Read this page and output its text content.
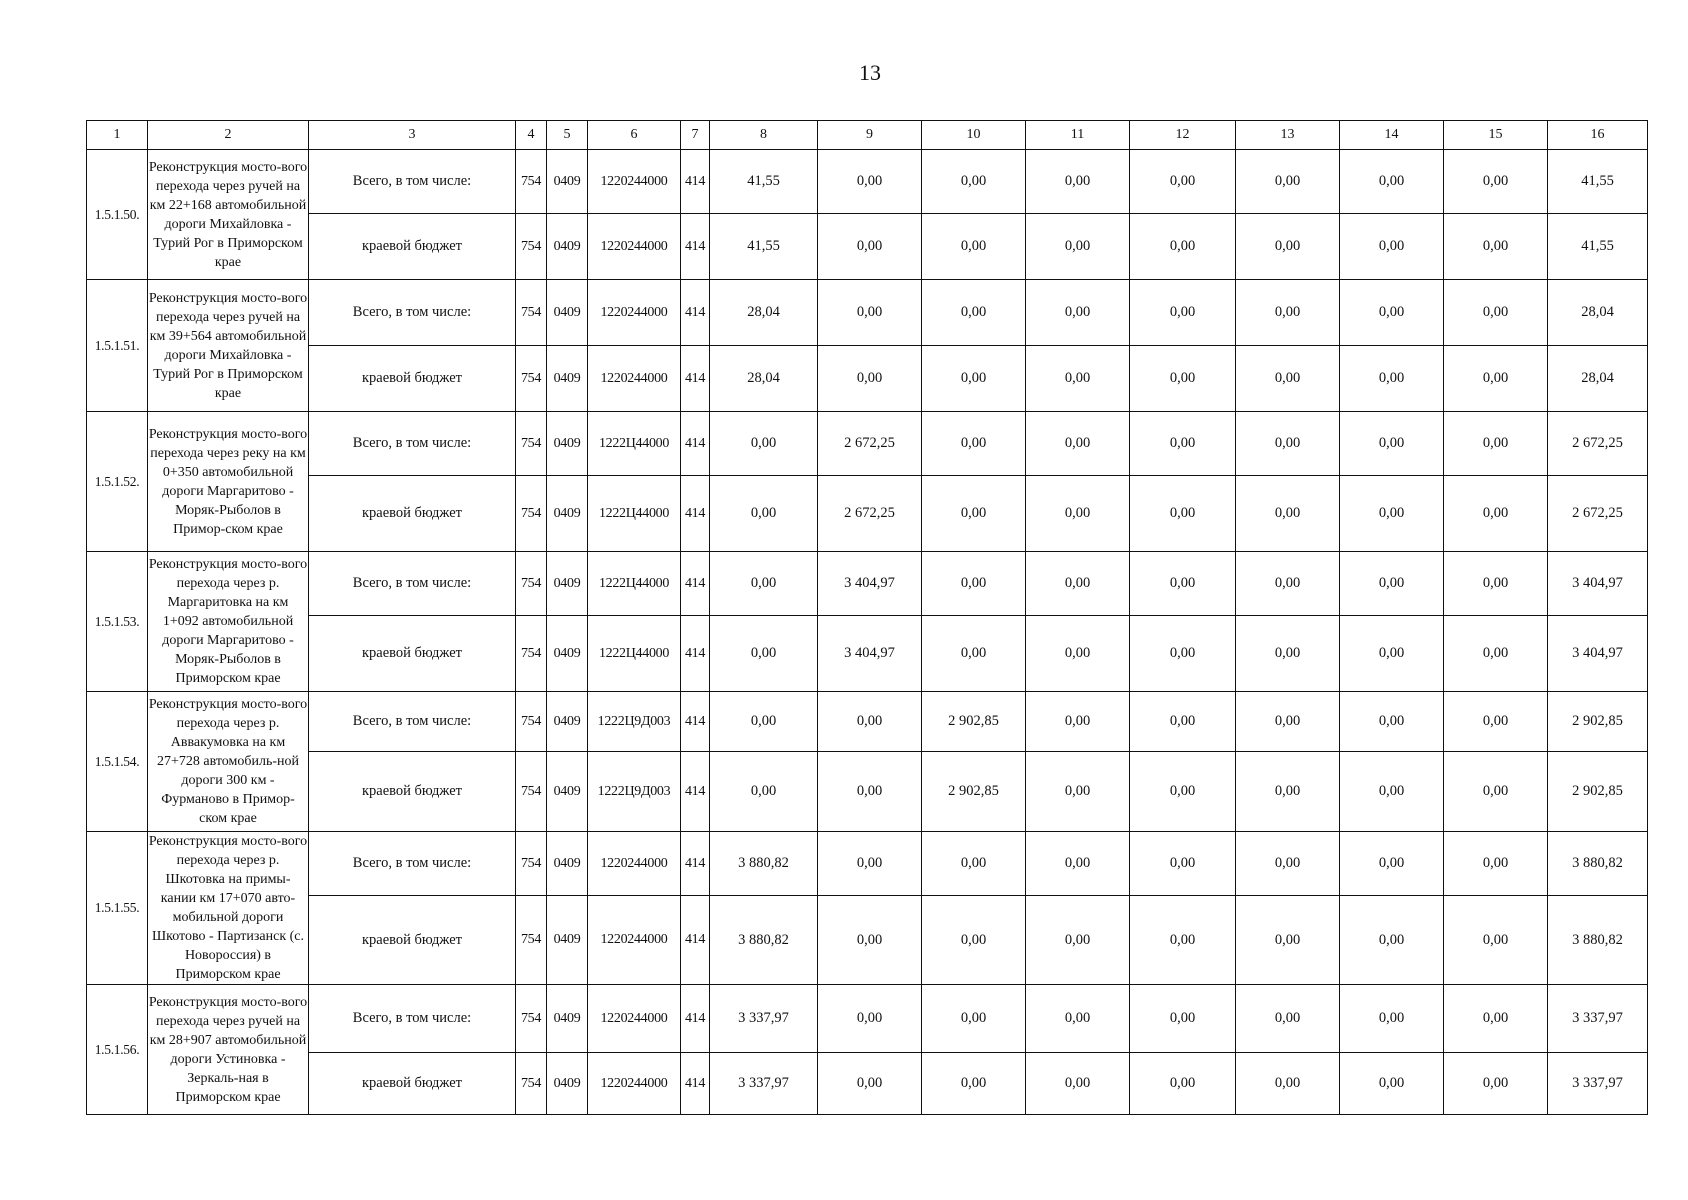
13
1	2	3	4	5	6	7	8	9	10	11	12	13	14	15	16
1.5.1.50.	Реконструкция мосто-вого перехода через ручей на км 22+168 автомобильной дороги Михайловка - Турий Рог в Приморском крае	Всего, в том числе:	754	0409	1220244000	414	41,55	0,00	0,00	0,00	0,00	0,00	0,00	0,00	41,55
		краевой бюджет	754	0409	1220244000	414	41,55	0,00	0,00	0,00	0,00	0,00	0,00	0,00	41,55
1.5.1.51.	Реконструкция мосто-вого перехода через ручей на км 39+564 автомобильной дороги Михайловка - Турий Рог в Приморском крае	Всего, в том числе:	754	0409	1220244000	414	28,04	0,00	0,00	0,00	0,00	0,00	0,00	0,00	28,04
		краевой бюджет	754	0409	1220244000	414	28,04	0,00	0,00	0,00	0,00	0,00	0,00	0,00	28,04
1.5.1.52.	Реконструкция мосто-вого перехода через реку на км 0+350 автомобильной дороги Маргаритово - Моряк-Рыболов в Примор-ском крае	Всего, в том числе:	754	0409	1222Ц44000	414	0,00	2 672,25	0,00	0,00	0,00	0,00	0,00	0,00	2 672,25
		краевой бюджет	754	0409	1222Ц44000	414	0,00	2 672,25	0,00	0,00	0,00	0,00	0,00	0,00	2 672,25
1.5.1.53.	Реконструкция мосто-вого перехода через р. Маргаритовка на км 1+092 автомобильной дороги Маргаритово - Моряк-Рыболов в Приморском крае	Всего, в том числе:	754	0409	1222Ц44000	414	0,00	3 404,97	0,00	0,00	0,00	0,00	0,00	0,00	3 404,97
		краевой бюджет	754	0409	1222Ц44000	414	0,00	3 404,97	0,00	0,00	0,00	0,00	0,00	0,00	3 404,97
1.5.1.54.	Реконструкция мосто-вого перехода через р. Аввакумовка на км 27+728 автомобиль-ной дороги 300 км - Фурманово в Примор-ском крае	Всего, в том числе:	754	0409	1222Ц9Д003	414	0,00	0,00	2 902,85	0,00	0,00	0,00	0,00	0,00	2 902,85
		краевой бюджет	754	0409	1222Ц9Д003	414	0,00	0,00	2 902,85	0,00	0,00	0,00	0,00	0,00	2 902,85
1.5.1.55.	Реконструкция мосто-вого перехода через р. Шкотовка на примы-кании км 17+070 авто-мобильной дороги Шкотово - Партизанск (с. Новороссия) в Приморском крае	Всего, в том числе:	754	0409	1220244000	414	3 880,82	0,00	0,00	0,00	0,00	0,00	0,00	0,00	3 880,82
		краевой бюджет	754	0409	1220244000	414	3 880,82	0,00	0,00	0,00	0,00	0,00	0,00	0,00	3 880,82
1.5.1.56.	Реконструкция мосто-вого перехода через ручей на км 28+907 автомобильной дороги Устиновка - Зеркаль-ная в Приморском крае	Всего, в том числе:	754	0409	1220244000	414	3 337,97	0,00	0,00	0,00	0,00	0,00	0,00	0,00	3 337,97
		краевой бюджет	754	0409	1220244000	414	3 337,97	0,00	0,00	0,00	0,00	0,00	0,00	0,00	3 337,97
